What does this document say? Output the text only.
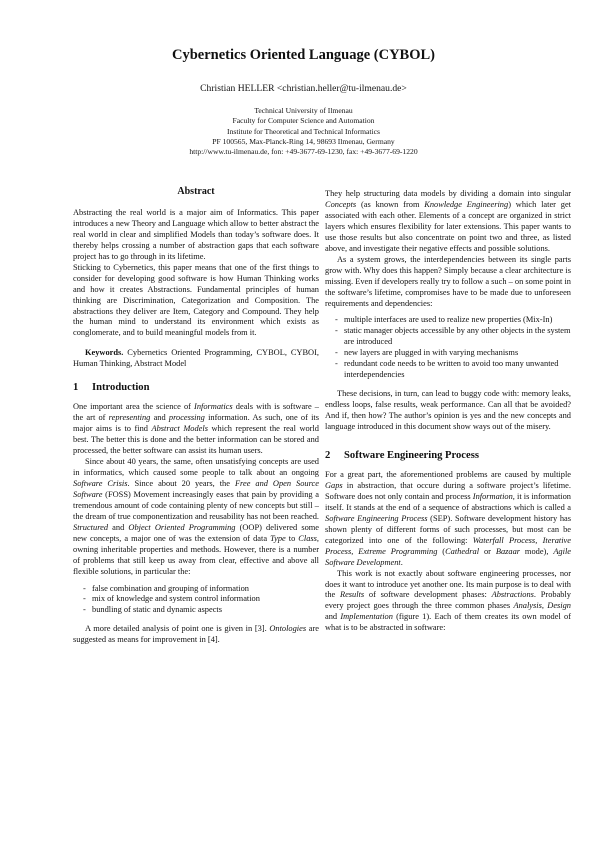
Cybernetics Oriented Language (CYBOL)
Christian HELLER <christian.heller@tu-ilmenau.de>
Technical University of Ilmenau
Faculty for Computer Science and Automation
Institute for Theoretical and Technical Informatics
PF 100565, Max-Planck-Ring 14, 98693 Ilmenau, Germany
http://www.tu-ilmenau.de, fon: +49-3677-69-1230, fax: +49-3677-69-1220
Abstract

Abstracting the real world is a major aim of Informatics. This paper introduces a new Theory and Language which allow to better abstract the real world in clear and simplified Models than today’s software does. It thereby helps crossing a number of abstraction gaps that each software project has to go through in its lifetime.

Sticking to Cybernetics, this paper means that one of the first things to consider for developing good software is how Human Thinking works and how it creates Abstractions. Fundamental principles of human thinking are Discrimination, Categorization and Composition. The abstractions they deliver are Item, Category and Compound. They help the human mind to understand its environment which exists as conglomerate, and to build meaningful models from it.

Keywords. Cybernetics Oriented Programming, CYBOL, CYBOI, Human Thinking, Abstract Model

1 Introduction

One important area the science of Informatics deals with is software – the art of representing and processing information. As such, one of its major aims is to find Abstract Models which represent the real world best. The better this is done and the better information can be stored and processed, the better software can assist its human users.

Since about 40 years, the same, often unsatisfying concepts are used in informatics, which caused some people to talk about an ongoing Software Crisis. Since about 20 years, the Free and Open Source Software (FOSS) Movement increasingly eases that pain by providing a tremendous amount of code containing plenty of new concepts but still – the dream of true componentization and reusability has not been reached. Structured and Object Oriented Programming (OOP) delivered some new concepts, a major one of was the extension of data Type to Class, owning inheritable properties and methods. However, there is a number of problems that still keep us away from clear, effective and above all flexible solutions, in particular the:

- false combination and grouping of information
- mix of knowledge and system control information
- bundling of static and dynamic aspects

A more detailed analysis of point one is given in [3]. Ontologies are suggested as means for improvement in [4].

They help structuring data models by dividing a domain into singular Concepts (as known from Knowledge Engineering) which later get associated with each other. Elements of a concept are organized in strict layers which ensures flexibility for later extensions. This paper wants to use those results but also concentrate on point two and three, as listed above, and investigate their negative effects and possible solutions.

As a system grows, the interdependencies between its single parts grow with. Why does this happen? Simply because a clear architecture is missing. Even if developers really try to follow a such – on some point in the software’s lifetime, compromises have to be made due to unforeseen requirements and dependencies:

- multiple interfaces are used to realize new properties (Mix-In)
- static manager objects accessible by any other objects in the system are introduced
- new layers are plugged in with varying mechanisms
- redundant code needs to be written to avoid too many unwanted interdependencies

These decisions, in turn, can lead to buggy code with: memory leaks, endless loops, false results, weak performance. Can all that be avoided? And if, then how? The author’s opinion is yes and the new concepts and language introduced in this document show ways out of the misery.

2 Software Engineering Process

For a great part, the aforementioned problems are caused by multiple Gaps in abstraction, that occure during a software project’s lifetime. Software does not only contain and process Information, it is information itself. It stands at the end of a sequence of abstractions which is called a Software Engineering Process (SEP). Software development history has shown plenty of different forms of such processes, but most can be categorized into one of the following: Waterfall Process, Iterative Process, Extreme Programming (Cathedral or Bazaar mode), Agile Software Development.

This work is not exactly about software engineering processes, nor does it want to introduce yet another one. Its main purpose is to deal with the Results of software development phases: Abstractions. Probably every project goes through the three common phases Analysis, Design and Implementation (figure 1). Each of them creates its own model of what is to be abstracted in software:
